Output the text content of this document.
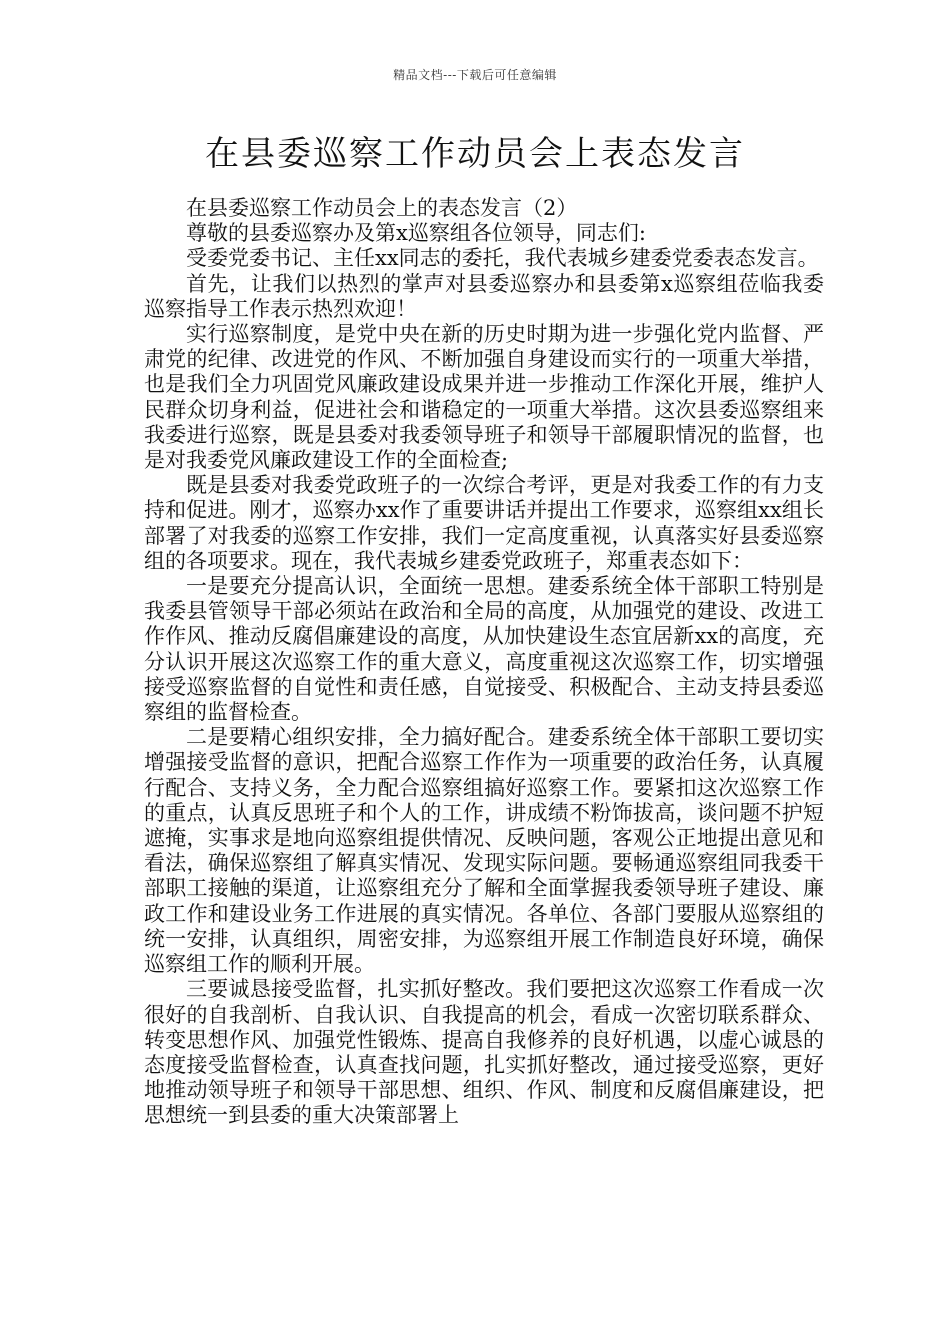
精品文档---下载后可任意编辑
在县委巡察工作动员会上表态发言

在县委巡察工作动员会上的表态发言（2）

尊敬的县委巡察办及第x巡察组各位领导，同志们:

受委党委书记、主任xx同志的委托，我代表城乡建委党委表态发言。

首先，让我们以热烈的掌声对县委巡察办和县委第x巡察组莅临我委巡察指导工作表示热烈欢迎！

实行巡察制度，是党中央在新的历史时期为进一步强化党内监督、严肃党的纪律、改进党的作风、不断加强自身建设而实行的一项重大举措，也是我们全力巩固党风廉政建设成果并进一步推动工作深化开展，维护人民群众切身利益，促进社会和谐稳定的一项重大举措。这次县委巡察组来我委进行巡察，既是县委对我委领导班子和领导干部履职情况的监督，也是对我委党风廉政建设工作的全面检查;

既是县委对我委党政班子的一次综合考评，更是对我委工作的有力支持和促进。刚才，巡察办xx作了重要讲话并提出工作要求，巡察组xx组长部署了对我委的巡察工作安排，我们一定高度重视，认真落实好县委巡察组的各项要求。现在，我代表城乡建委党政班子，郑重表态如下：

一是要充分提高认识，全面统一思想。建委系统全体干部职工特别是我委县管领导干部必须站在政治和全局的高度，从加强党的建设、改进工作作风、推动反腐倡廉建设的高度，从加快建设生态宜居新xx的高度，充分认识开展这次巡察工作的重大意义，高度重视这次巡察工作，切实增强接受巡察监督的自觉性和责任感，自觉接受、积极配合、主动支持县委巡察组的监督检查。

二是要精心组织安排，全力搞好配合。建委系统全体干部职工要切实增强接受监督的意识，把配合巡察工作作为一项重要的政治任务，认真履行配合、支持义务，全力配合巡察组搞好巡察工作。要紧扣这次巡察工作的重点，认真反思班子和个人的工作，讲成绩不粉饰拔高，谈问题不护短遮掩，实事求是地向巡察组提供情况、反映问题，客观公正地提出意见和看法，确保巡察组了解真实情况、发现实际问题。要畅通巡察组同我委干部职工接触的渠道，让巡察组充分了解和全面掌握我委领导班子建设、廉政工作和建设业务工作进展的真实情况。各单位、各部门要服从巡察组的统一安排，认真组织，周密安排，为巡察组开展工作制造良好环境，确保巡察组工作的顺利开展。

三要诚恳接受监督，扎实抓好整改。我们要把这次巡察工作看成一次很好的自我剖析、自我认识、自我提高的机会，看成一次密切联系群众、转变思想作风、加强党性锻炼、提高自我修养的良好机遇，以虚心诚恳的态度接受监督检查，认真查找问题，扎实抓好整改，通过接受巡察，更好地推动领导班子和领导干部思想、组织、作风、制度和反腐倡廉建设，把思想统一到县委的重大决策部署上
